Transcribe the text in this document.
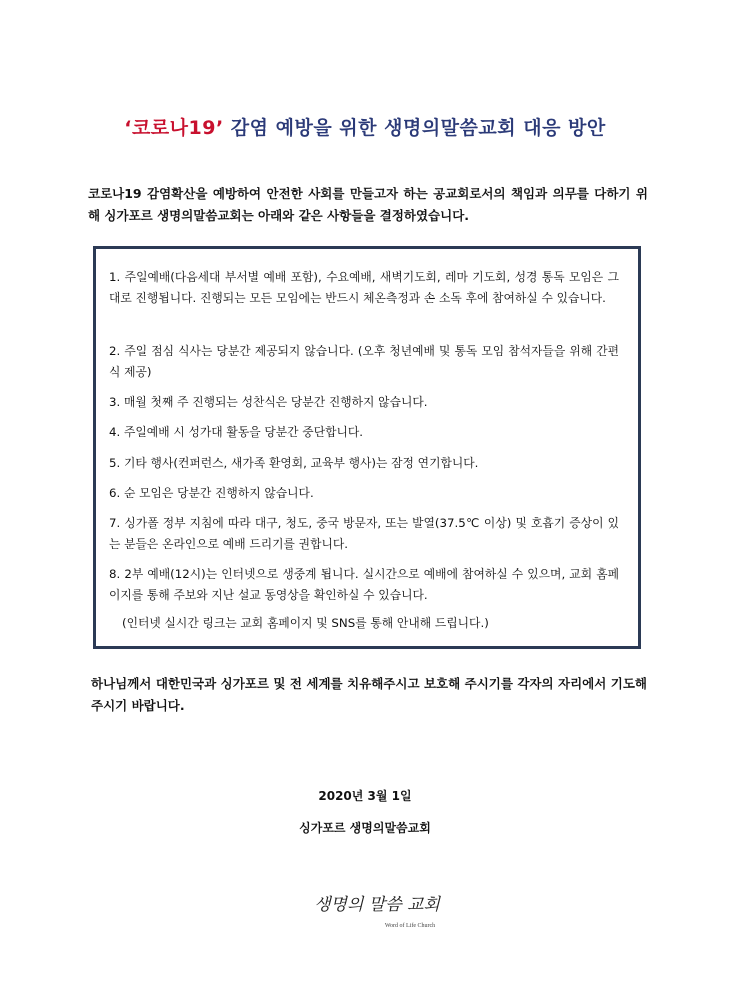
‘코로나19’ 감염 예방을 위한 생명의말씀교회 대응 방안
코로나19 감염확산을 예방하여 안전한 사회를 만들고자 하는 공교회로서의 책임과 의무를 다하기 위해 싱가포르 생명의말씀교회는 아래와 같은 사항들을 결정하였습니다.
1. 주일예배(다음세대 부서별 예배 포함), 수요예배, 새벽기도회, 레마 기도회, 성경 통독 모임은 그대로 진행됩니다. 진행되는 모든 모임에는 반드시 체온측정과 손 소독 후에 참여하실 수 있습니다.
2. 주일 점심 식사는 당분간 제공되지 않습니다. (오후 청년예배 및 통독 모임 참석자들을 위해 간편식 제공)
3. 매월 첫째 주 진행되는 성찬식은 당분간 진행하지 않습니다.
4. 주일예배 시 성가대 활동을 당분간 중단합니다.
5. 기타 행사(컨퍼런스, 새가족 환영회, 교육부 행사)는 잠정 연기합니다.
6. 순 모임은 당분간 진행하지 않습니다.
7. 싱가폴 정부 지침에 따라 대구, 청도, 중국 방문자, 또는 발열(37.5℃ 이상) 및 호흡기 증상이 있는 분들은 온라인으로 예배 드리기를 권합니다.
8. 2부 예배(12시)는 인터넷으로 생중계 됩니다. 실시간으로 예배에 참여하실 수 있으며, 교회 홈페이지를 통해 주보와 지난 설교 동영상을 확인하실 수 있습니다.
(인터넷 실시간 링크는 교회 홈페이지 및 SNS를 통해 안내해 드립니다.)
하나님께서 대한민국과 싱가포르 및 전 세계를 치유해주시고 보호해 주시기를 각자의 자리에서 기도해 주시기 바랍니다.
2020년 3월 1일
싱가포르 생명의말씀교회
생명의 말씀 교회
Word of Life Church
